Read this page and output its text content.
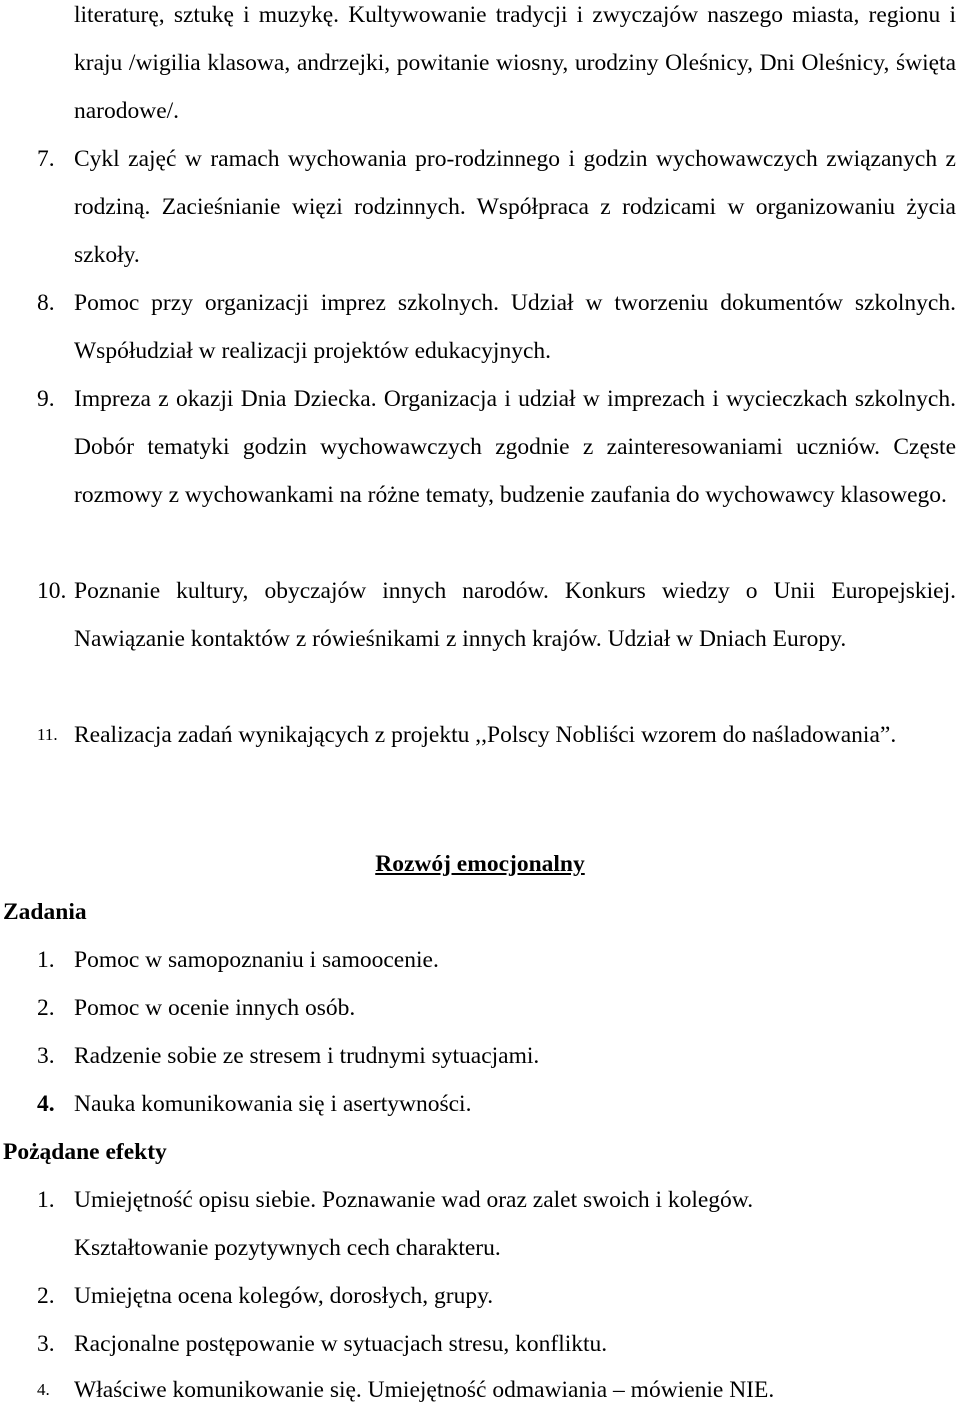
literaturę, sztukę i muzykę. Kultywowanie tradycji i zwyczajów naszego miasta, regionu i kraju /wigilia klasowa, andrzejki, powitanie wiosny, urodziny Oleśnicy, Dni Oleśnicy, święta narodowe/.
7. Cykl zajęć w ramach wychowania pro-rodzinnego i godzin wychowawczych związanych z rodziną. Zacieśnianie więzi rodzinnych. Współpraca z rodzicami w organizowaniu życia szkoły.
8. Pomoc przy organizacji imprez szkolnych. Udział w tworzeniu dokumentów szkolnych. Współudział w realizacji projektów edukacyjnych.
9. Impreza z okazji Dnia Dziecka. Organizacja i udział w imprezach i wycieczkach szkolnych. Dobór tematyki godzin wychowawczych zgodnie z zainteresowaniami uczniów. Częste rozmowy z wychowankami na różne tematy, budzenie zaufania do wychowawcy klasowego.
10. Poznanie kultury, obyczajów innych narodów. Konkurs wiedzy o Unii Europejskiej. Nawiązanie kontaktów z rówieśnikami z innych krajów. Udział w Dniach Europy.
11. Realizacja zadań wynikających z projektu ,,Polscy Nobliści wzorem do naśladowania”.
Rozwój emocjonalny
Zadania
1. Pomoc w samopoznaniu i samoocenie.
2. Pomoc w ocenie innych osób.
3. Radzenie sobie ze stresem i trudnymi sytuacjami.
4. Nauka komunikowania się i asertywności.
Pożądane efekty
1. Umiejętność opisu siebie. Poznawanie wad oraz zalet swoich i kolegów. Kształtowanie pozytywnych cech charakteru.
2. Umiejętna ocena kolegów, dorosłych, grupy.
3. Racjonalne postępowanie w sytuacjach stresu, konfliktu.
4. Właściwe komunikowanie się. Umiejętność odmawiania – mówienie NIE.
